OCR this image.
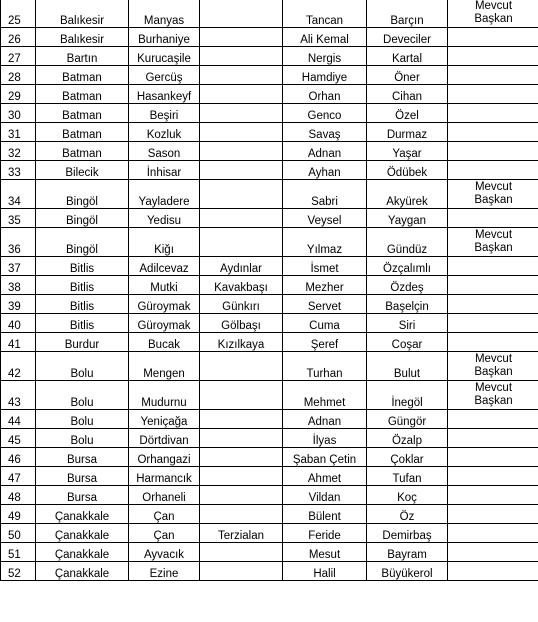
25	Balıkesir	Manyas		Tancan	Barçın	Mevcut
Başkan

26	Balıkesir	Burhaniye		Ali Kemal	Deveciler	
27	Bartın	Kurucaşile		Nergis	Kartal	
28	Batman	Gercüş		Hamdiye	Öner	
29	Batman	Hasankeyf		Orhan	Cihan	
30	Batman	Beşiri		Genco	Özel	
31	Batman	Kozluk		Savaş	Durmaz	
32	Batman	Sason		Adnan	Yaşar	
33	Bilecik	İnhisar		Ayhan	Ödübek	
34	Bingöl	Yayladere		Sabri	Akyürek	Mevcut
Başkan

35	Bingöl	Yedisu		Veysel	Yaygan	
36	Bingöl	Kiğı		Yılmaz	Gündüz	Mevcut
Başkan

37	Bitlis	Adilcevaz	Aydınlar	İsmet	Özçalımlı	
38	Bitlis	Mutki	Kavakbaşı	Mezher	Özdeş	
39	Bitlis	Güroymak	Günkırı	Servet	Başelçin	
40	Bitlis	Güroymak	Gölbaşı	Cuma	Siri	
41	Burdur	Bucak	Kızılkaya	Şeref	Coşar	
42	Bolu	Mengen		Turhan	Bulut	Mevcut
Başkan

43	Bolu	Mudurnu		Mehmet	İnegöl	Mevcut
Başkan

44	Bolu	Yeniçağa		Adnan	Güngör	
45	Bolu	Dörtdivan		İlyas	Özalp	
46	Bursa	Orhangazi		Şaban Çetin	Çoklar	
47	Bursa	Harmancık		Ahmet	Tufan	
48	Bursa	Orhaneli		Vildan	Koç	
49	Çanakkale	Çan		Bülent	Öz	
50	Çanakkale	Çan	Terzialan	Feride	Demirbaş	
51	Çanakkale	Ayvacık		Mesut	Bayram	
52	Çanakkale	Ezine		Halil	Büyükerol	
